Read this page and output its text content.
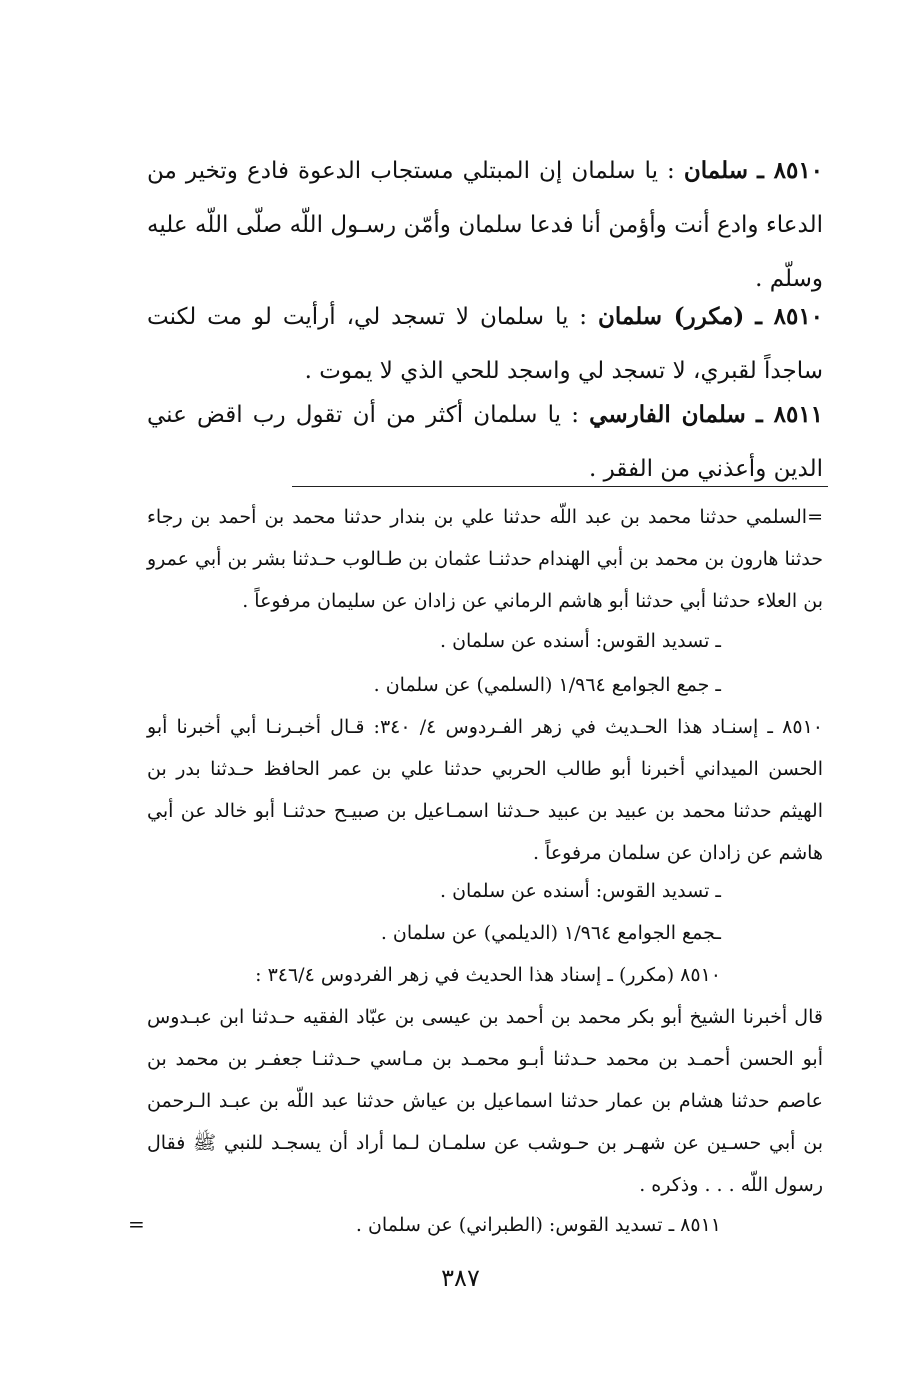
٨٥١٠ ـ سلمان : يا سلمان إن المبتلي مستجاب الدعوة فادع وتخير من الدعاء وادع أنت وأؤمن أنا فدعا سلمان وأمّن رسـول اللّه صلّى اللّه عليه وسلّم .
٨٥١٠ ـ (مكرر) سلمان : يا سلمان لا تسجد لي، أرأيت لو مت لكنت ساجداً لقبري، لا تسجد لي واسجد للحي الذي لا يموت .
٨٥١١ ـ سلمان الفارسي : يا سلمان أكثر من أن تقول رب اقض عني الدين وأعذني من الفقر .
=السلمي حدثنا محمد بن عبد اللّه حدثنا علي بن بندار حدثنا محمد بن أحمد بن رجاء حدثنا هارون بن محمد بن أبي الهندام حدثنـا عثمان بن طـالوب حـدثنا بشر بن أبي عمرو بن العلاء حدثنا أبي حدثنا أبو هاشم الرماني عن زادان عن سليمان مرفوعاً .
ـ تسديد القوس: أسنده عن سلمان .
ـ جمع الجوامع ١/٩٦٤ (السلمي) عن سلمان .
٨٥١٠ ـ إسنـاد هذا الحـديث في زهر الفـردوس ٤/ ٣٤٠: قـال أخبـرنـا أبي أخبرنا أبو الحسن الميداني أخبرنا أبو طالب الحربي حدثنا علي بن عمر الحافظ حـدثنا بدر بن الهيثم حدثنا محمد بن عبيد بن عبيد حـدثنا اسمـاعيل بن صبيـح حدثنـا أبو خالد عن أبي هاشم عن زادان عن سلمان مرفوعاً .
ـ تسديد القوس: أسنده عن سلمان .
ـجمع الجوامع ١/٩٦٤ (الديلمي) عن سلمان .
٨٥١٠ (مكرر) ـ إسناد هذا الحديث في زهر الفردوس ٣٤٦/٤ :
قال أخبرنا الشيخ أبو بكر محمد بن أحمد بن عيسى بن عبّاد الفقيه حـدثنا ابن عبـدوس أبو الحسن أحمـد بن محمد حـدثنا أبـو محمـد بن مـاسي حـدثنـا جعفـر بن محمد بن عاصم حدثنا هشام بن عمار حدثنا اسماعيل بن عياش حدثنا عبد اللّه بن عبـد الـرحمن بن أبي حسـين عن شهـر بن حـوشب عن سلمـان لـما أراد أن يسجـد للنبي ﷺ فقال رسول اللّه . . . وذكره .
٨٥١١ ـ تسديد القوس: (الطبراني) عن سلمان .
=
٣٨٧
